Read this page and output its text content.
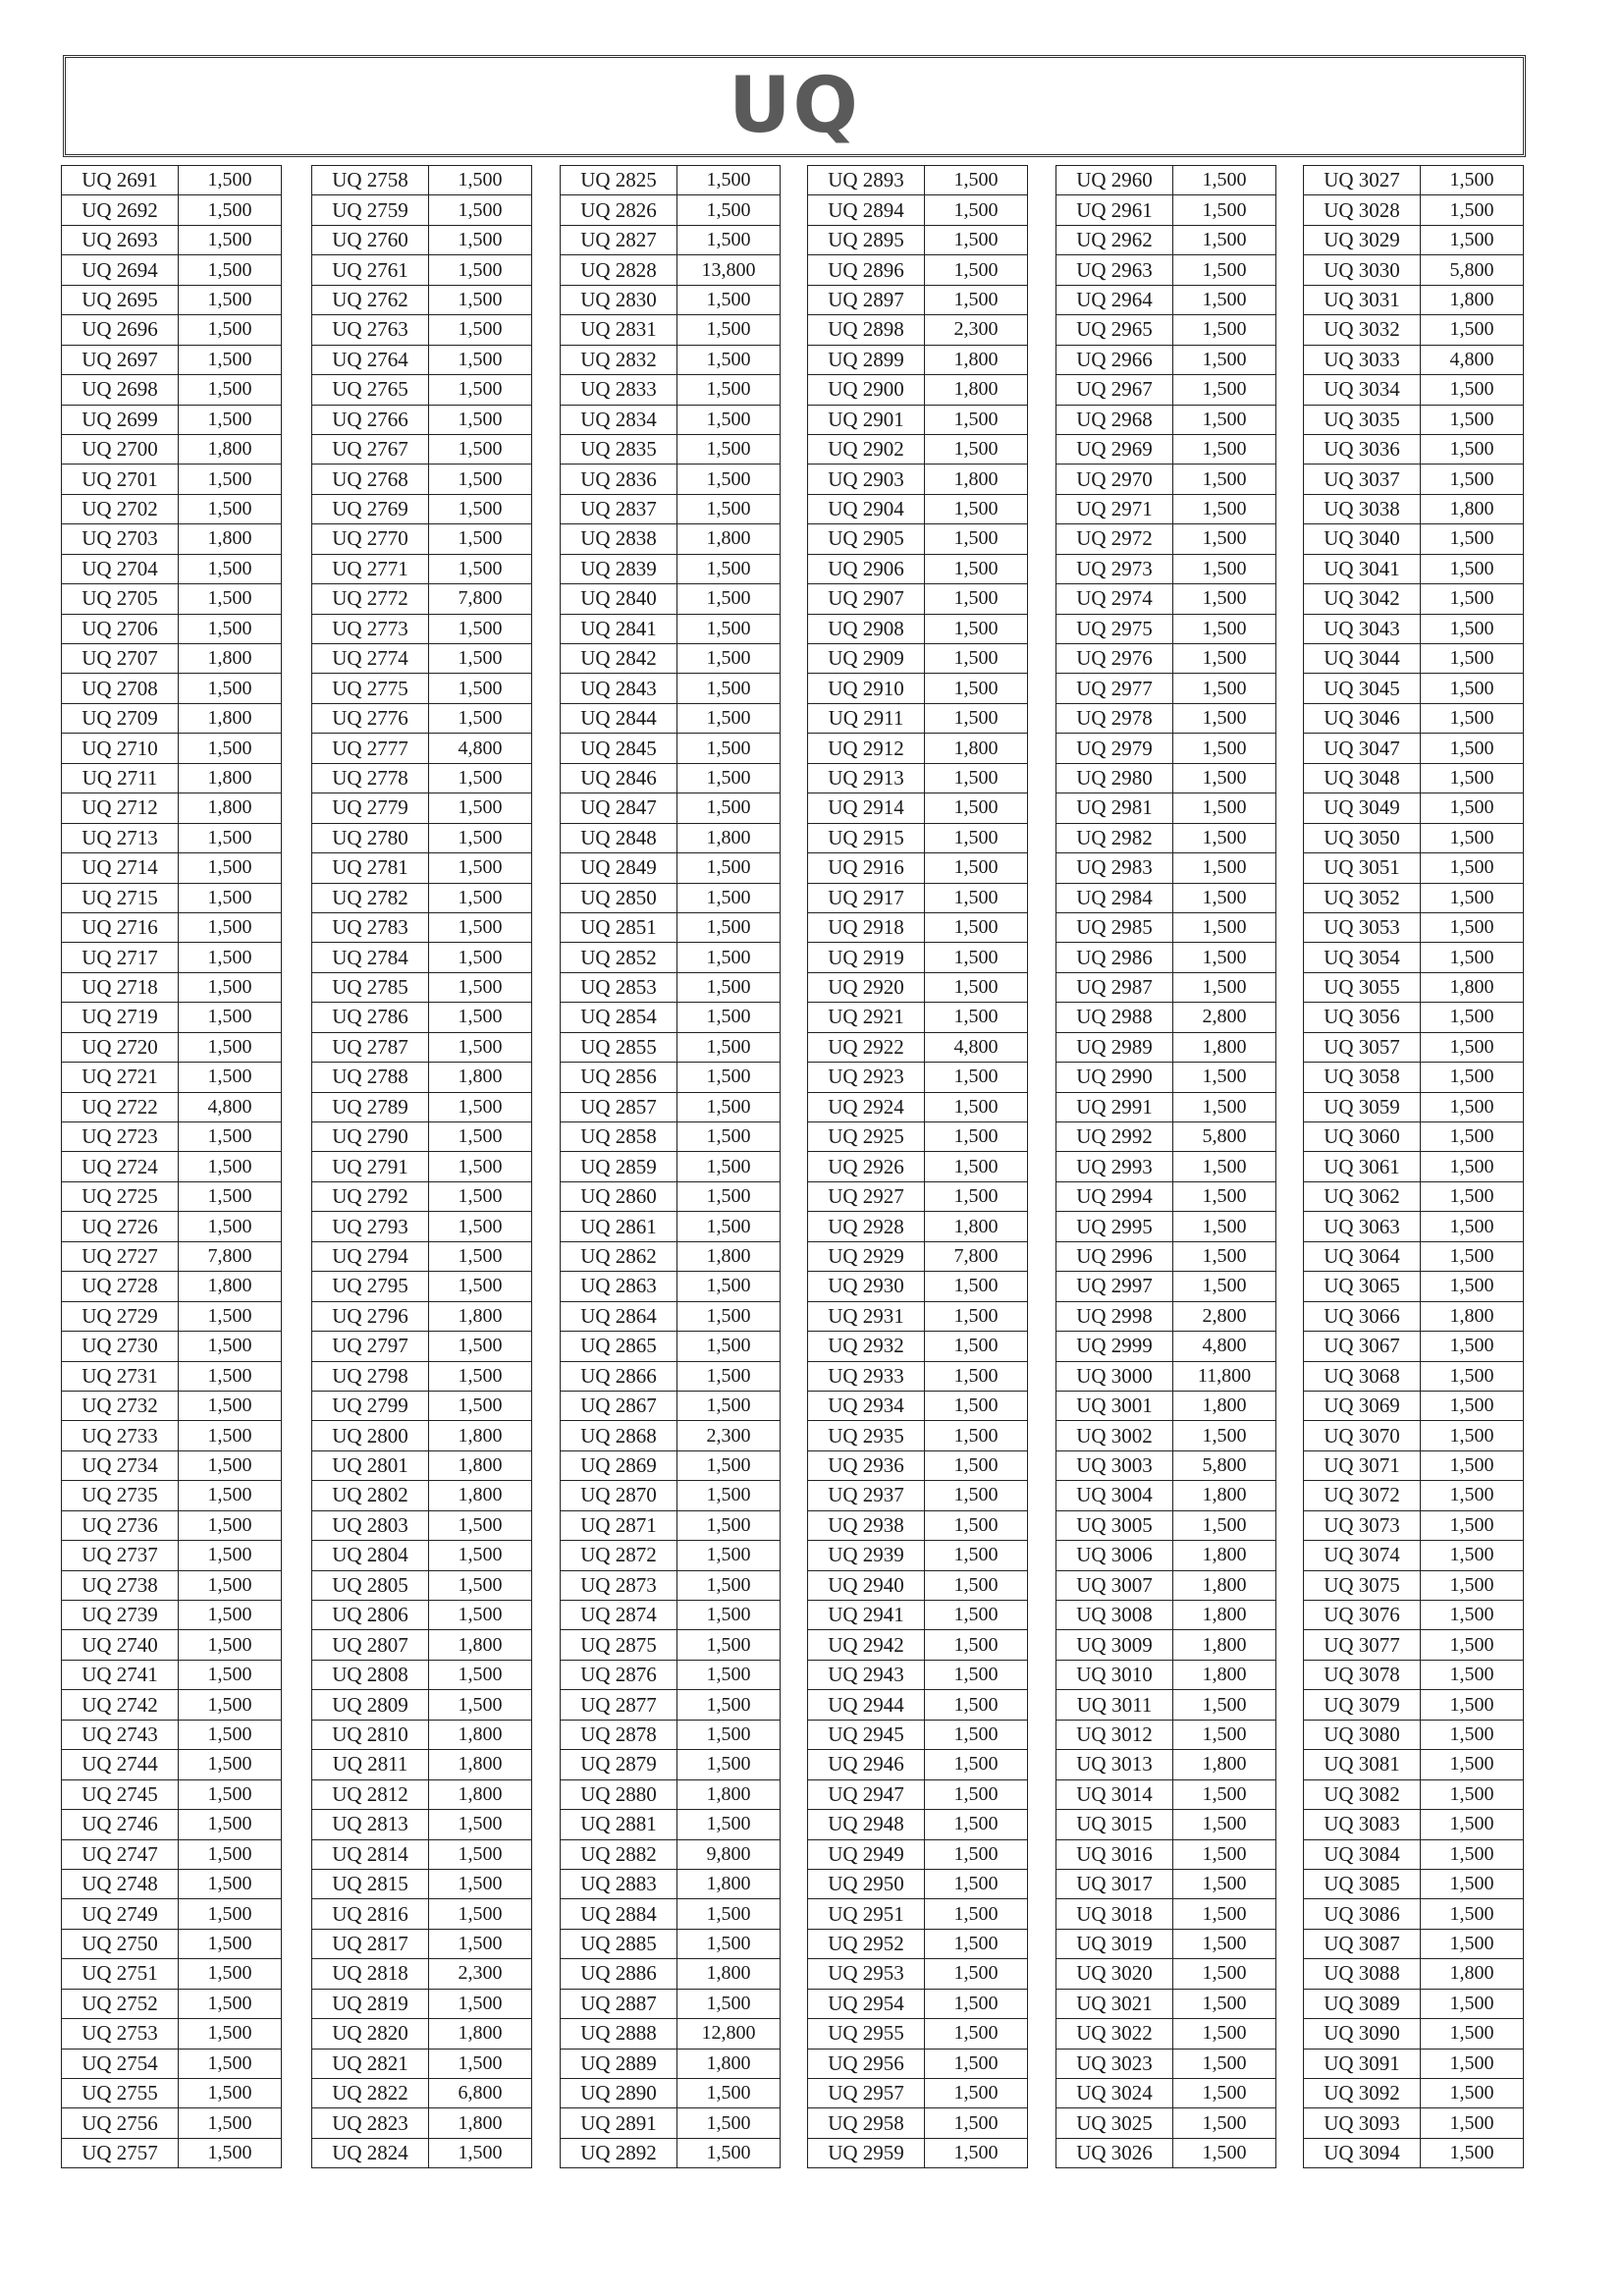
UQ
UQ 2691	1,500
UQ 2692	1,500
UQ 2693	1,500
UQ 2694	1,500
UQ 2695	1,500
UQ 2696	1,500
UQ 2697	1,500
UQ 2698	1,500
UQ 2699	1,500
UQ 2700	1,800
UQ 2701	1,500
UQ 2702	1,500
UQ 2703	1,800
UQ 2704	1,500
UQ 2705	1,500
UQ 2706	1,500
UQ 2707	1,800
UQ 2708	1,500
UQ 2709	1,800
UQ 2710	1,500
UQ 2711	1,800
UQ 2712	1,800
UQ 2713	1,500
UQ 2714	1,500
UQ 2715	1,500
UQ 2716	1,500
UQ 2717	1,500
UQ 2718	1,500
UQ 2719	1,500
UQ 2720	1,500
UQ 2721	1,500
UQ 2722	4,800
UQ 2723	1,500
UQ 2724	1,500
UQ 2725	1,500
UQ 2726	1,500
UQ 2727	7,800
UQ 2728	1,800
UQ 2729	1,500
UQ 2730	1,500
UQ 2731	1,500
UQ 2732	1,500
UQ 2733	1,500
UQ 2734	1,500
UQ 2735	1,500
UQ 2736	1,500
UQ 2737	1,500
UQ 2738	1,500
UQ 2739	1,500
UQ 2740	1,500
UQ 2741	1,500
UQ 2742	1,500
UQ 2743	1,500
UQ 2744	1,500
UQ 2745	1,500
UQ 2746	1,500
UQ 2747	1,500
UQ 2748	1,500
UQ 2749	1,500
UQ 2750	1,500
UQ 2751	1,500
UQ 2752	1,500
UQ 2753	1,500
UQ 2754	1,500
UQ 2755	1,500
UQ 2756	1,500
UQ 2757	1,500
UQ 2758	1,500
UQ 2759	1,500
UQ 2760	1,500
UQ 2761	1,500
UQ 2762	1,500
UQ 2763	1,500
UQ 2764	1,500
UQ 2765	1,500
UQ 2766	1,500
UQ 2767	1,500
UQ 2768	1,500
UQ 2769	1,500
UQ 2770	1,500
UQ 2771	1,500
UQ 2772	7,800
UQ 2773	1,500
UQ 2774	1,500
UQ 2775	1,500
UQ 2776	1,500
UQ 2777	4,800
UQ 2778	1,500
UQ 2779	1,500
UQ 2780	1,500
UQ 2781	1,500
UQ 2782	1,500
UQ 2783	1,500
UQ 2784	1,500
UQ 2785	1,500
UQ 2786	1,500
UQ 2787	1,500
UQ 2788	1,800
UQ 2789	1,500
UQ 2790	1,500
UQ 2791	1,500
UQ 2792	1,500
UQ 2793	1,500
UQ 2794	1,500
UQ 2795	1,500
UQ 2796	1,800
UQ 2797	1,500
UQ 2798	1,500
UQ 2799	1,500
UQ 2800	1,800
UQ 2801	1,800
UQ 2802	1,800
UQ 2803	1,500
UQ 2804	1,500
UQ 2805	1,500
UQ 2806	1,500
UQ 2807	1,800
UQ 2808	1,500
UQ 2809	1,500
UQ 2810	1,800
UQ 2811	1,800
UQ 2812	1,800
UQ 2813	1,500
UQ 2814	1,500
UQ 2815	1,500
UQ 2816	1,500
UQ 2817	1,500
UQ 2818	2,300
UQ 2819	1,500
UQ 2820	1,800
UQ 2821	1,500
UQ 2822	6,800
UQ 2823	1,800
UQ 2824	1,500
UQ 2825	1,500
UQ 2826	1,500
UQ 2827	1,500
UQ 2828	13,800
UQ 2830	1,500
UQ 2831	1,500
UQ 2832	1,500
UQ 2833	1,500
UQ 2834	1,500
UQ 2835	1,500
UQ 2836	1,500
UQ 2837	1,500
UQ 2838	1,800
UQ 2839	1,500
UQ 2840	1,500
UQ 2841	1,500
UQ 2842	1,500
UQ 2843	1,500
UQ 2844	1,500
UQ 2845	1,500
UQ 2846	1,500
UQ 2847	1,500
UQ 2848	1,800
UQ 2849	1,500
UQ 2850	1,500
UQ 2851	1,500
UQ 2852	1,500
UQ 2853	1,500
UQ 2854	1,500
UQ 2855	1,500
UQ 2856	1,500
UQ 2857	1,500
UQ 2858	1,500
UQ 2859	1,500
UQ 2860	1,500
UQ 2861	1,500
UQ 2862	1,800
UQ 2863	1,500
UQ 2864	1,500
UQ 2865	1,500
UQ 2866	1,500
UQ 2867	1,500
UQ 2868	2,300
UQ 2869	1,500
UQ 2870	1,500
UQ 2871	1,500
UQ 2872	1,500
UQ 2873	1,500
UQ 2874	1,500
UQ 2875	1,500
UQ 2876	1,500
UQ 2877	1,500
UQ 2878	1,500
UQ 2879	1,500
UQ 2880	1,800
UQ 2881	1,500
UQ 2882	9,800
UQ 2883	1,800
UQ 2884	1,500
UQ 2885	1,500
UQ 2886	1,800
UQ 2887	1,500
UQ 2888	12,800
UQ 2889	1,800
UQ 2890	1,500
UQ 2891	1,500
UQ 2892	1,500
UQ 2893	1,500
UQ 2894	1,500
UQ 2895	1,500
UQ 2896	1,500
UQ 2897	1,500
UQ 2898	2,300
UQ 2899	1,800
UQ 2900	1,800
UQ 2901	1,500
UQ 2902	1,500
UQ 2903	1,800
UQ 2904	1,500
UQ 2905	1,500
UQ 2906	1,500
UQ 2907	1,500
UQ 2908	1,500
UQ 2909	1,500
UQ 2910	1,500
UQ 2911	1,500
UQ 2912	1,800
UQ 2913	1,500
UQ 2914	1,500
UQ 2915	1,500
UQ 2916	1,500
UQ 2917	1,500
UQ 2918	1,500
UQ 2919	1,500
UQ 2920	1,500
UQ 2921	1,500
UQ 2922	4,800
UQ 2923	1,500
UQ 2924	1,500
UQ 2925	1,500
UQ 2926	1,500
UQ 2927	1,500
UQ 2928	1,800
UQ 2929	7,800
UQ 2930	1,500
UQ 2931	1,500
UQ 2932	1,500
UQ 2933	1,500
UQ 2934	1,500
UQ 2935	1,500
UQ 2936	1,500
UQ 2937	1,500
UQ 2938	1,500
UQ 2939	1,500
UQ 2940	1,500
UQ 2941	1,500
UQ 2942	1,500
UQ 2943	1,500
UQ 2944	1,500
UQ 2945	1,500
UQ 2946	1,500
UQ 2947	1,500
UQ 2948	1,500
UQ 2949	1,500
UQ 2950	1,500
UQ 2951	1,500
UQ 2952	1,500
UQ 2953	1,500
UQ 2954	1,500
UQ 2955	1,500
UQ 2956	1,500
UQ 2957	1,500
UQ 2958	1,500
UQ 2959	1,500
UQ 2960	1,500
UQ 2961	1,500
UQ 2962	1,500
UQ 2963	1,500
UQ 2964	1,500
UQ 2965	1,500
UQ 2966	1,500
UQ 2967	1,500
UQ 2968	1,500
UQ 2969	1,500
UQ 2970	1,500
UQ 2971	1,500
UQ 2972	1,500
UQ 2973	1,500
UQ 2974	1,500
UQ 2975	1,500
UQ 2976	1,500
UQ 2977	1,500
UQ 2978	1,500
UQ 2979	1,500
UQ 2980	1,500
UQ 2981	1,500
UQ 2982	1,500
UQ 2983	1,500
UQ 2984	1,500
UQ 2985	1,500
UQ 2986	1,500
UQ 2987	1,500
UQ 2988	2,800
UQ 2989	1,800
UQ 2990	1,500
UQ 2991	1,500
UQ 2992	5,800
UQ 2993	1,500
UQ 2994	1,500
UQ 2995	1,500
UQ 2996	1,500
UQ 2997	1,500
UQ 2998	2,800
UQ 2999	4,800
UQ 3000	11,800
UQ 3001	1,800
UQ 3002	1,500
UQ 3003	5,800
UQ 3004	1,800
UQ 3005	1,500
UQ 3006	1,800
UQ 3007	1,800
UQ 3008	1,800
UQ 3009	1,800
UQ 3010	1,800
UQ 3011	1,500
UQ 3012	1,500
UQ 3013	1,800
UQ 3014	1,500
UQ 3015	1,500
UQ 3016	1,500
UQ 3017	1,500
UQ 3018	1,500
UQ 3019	1,500
UQ 3020	1,500
UQ 3021	1,500
UQ 3022	1,500
UQ 3023	1,500
UQ 3024	1,500
UQ 3025	1,500
UQ 3026	1,500
UQ 3027	1,500
UQ 3028	1,500
UQ 3029	1,500
UQ 3030	5,800
UQ 3031	1,800
UQ 3032	1,500
UQ 3033	4,800
UQ 3034	1,500
UQ 3035	1,500
UQ 3036	1,500
UQ 3037	1,500
UQ 3038	1,800
UQ 3040	1,500
UQ 3041	1,500
UQ 3042	1,500
UQ 3043	1,500
UQ 3044	1,500
UQ 3045	1,500
UQ 3046	1,500
UQ 3047	1,500
UQ 3048	1,500
UQ 3049	1,500
UQ 3050	1,500
UQ 3051	1,500
UQ 3052	1,500
UQ 3053	1,500
UQ 3054	1,500
UQ 3055	1,800
UQ 3056	1,500
UQ 3057	1,500
UQ 3058	1,500
UQ 3059	1,500
UQ 3060	1,500
UQ 3061	1,500
UQ 3062	1,500
UQ 3063	1,500
UQ 3064	1,500
UQ 3065	1,500
UQ 3066	1,800
UQ 3067	1,500
UQ 3068	1,500
UQ 3069	1,500
UQ 3070	1,500
UQ 3071	1,500
UQ 3072	1,500
UQ 3073	1,500
UQ 3074	1,500
UQ 3075	1,500
UQ 3076	1,500
UQ 3077	1,500
UQ 3078	1,500
UQ 3079	1,500
UQ 3080	1,500
UQ 3081	1,500
UQ 3082	1,500
UQ 3083	1,500
UQ 3084	1,500
UQ 3085	1,500
UQ 3086	1,500
UQ 3087	1,500
UQ 3088	1,800
UQ 3089	1,500
UQ 3090	1,500
UQ 3091	1,500
UQ 3092	1,500
UQ 3093	1,500
UQ 3094	1,500
